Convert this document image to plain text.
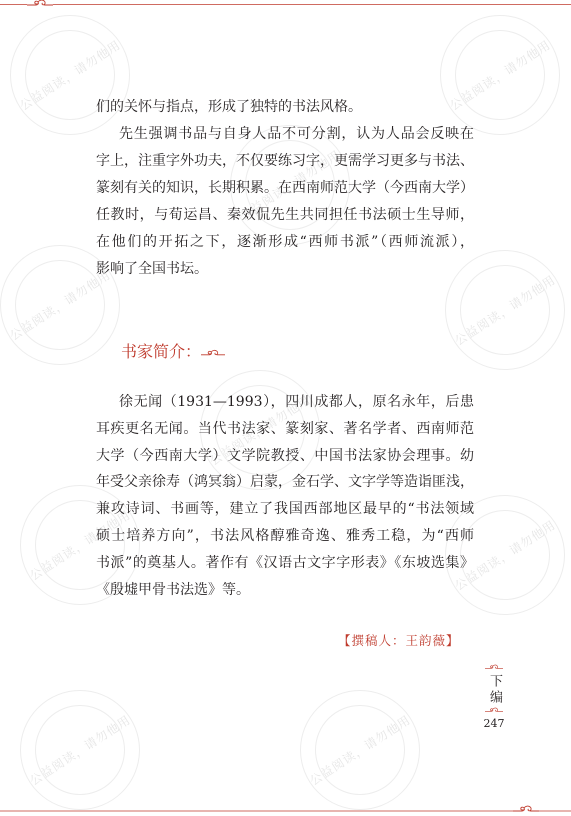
公益阅读，请勿他用	公益阅读，请勿他用
公益阅读，请勿他用
公益阅读，请勿他用	公益阅读，请勿他用
公益阅读，请勿他用
公益阅读，请勿他用	公益阅读，请勿他用
公益阅读，请勿他用	公益阅读，请勿他用
们的关怀与指点，形成了独特的书法风格。
先生强调书品与自身人品不可分割，认为人品会反映在
字上，注重字外功夫，不仅要练习字，更需学习更多与书法、
篆刻有关的知识，长期积累。在西南师范大学（今西南大学）
任教时，与荀运昌、秦效侃先生共同担任书法硕士生导师，
在他们的开拓之下，逐渐形成“西师书派”（西师流派），
影响了全国书坛。
书家简介：
徐无闻（1931—1993），四川成都人，原名永年，后患
耳疾更名无闻。当代书法家、篆刻家、著名学者、西南师范
大学（今西南大学）文学院教授、中国书法家协会理事。幼
年受父亲徐寿（鸿冥翁）启蒙，金石学、文字学等造诣匪浅，
兼攻诗词、书画等，建立了我国西部地区最早的“书法领域
硕士培养方向”，书法风格醇雅奇逸、雅秀工稳，为“西师
书派”的奠基人。著作有《汉语古文字字形表》《东坡选集》
《殷墟甲骨书法选》等。
【撰稿人：王韵薇】
下编
247
